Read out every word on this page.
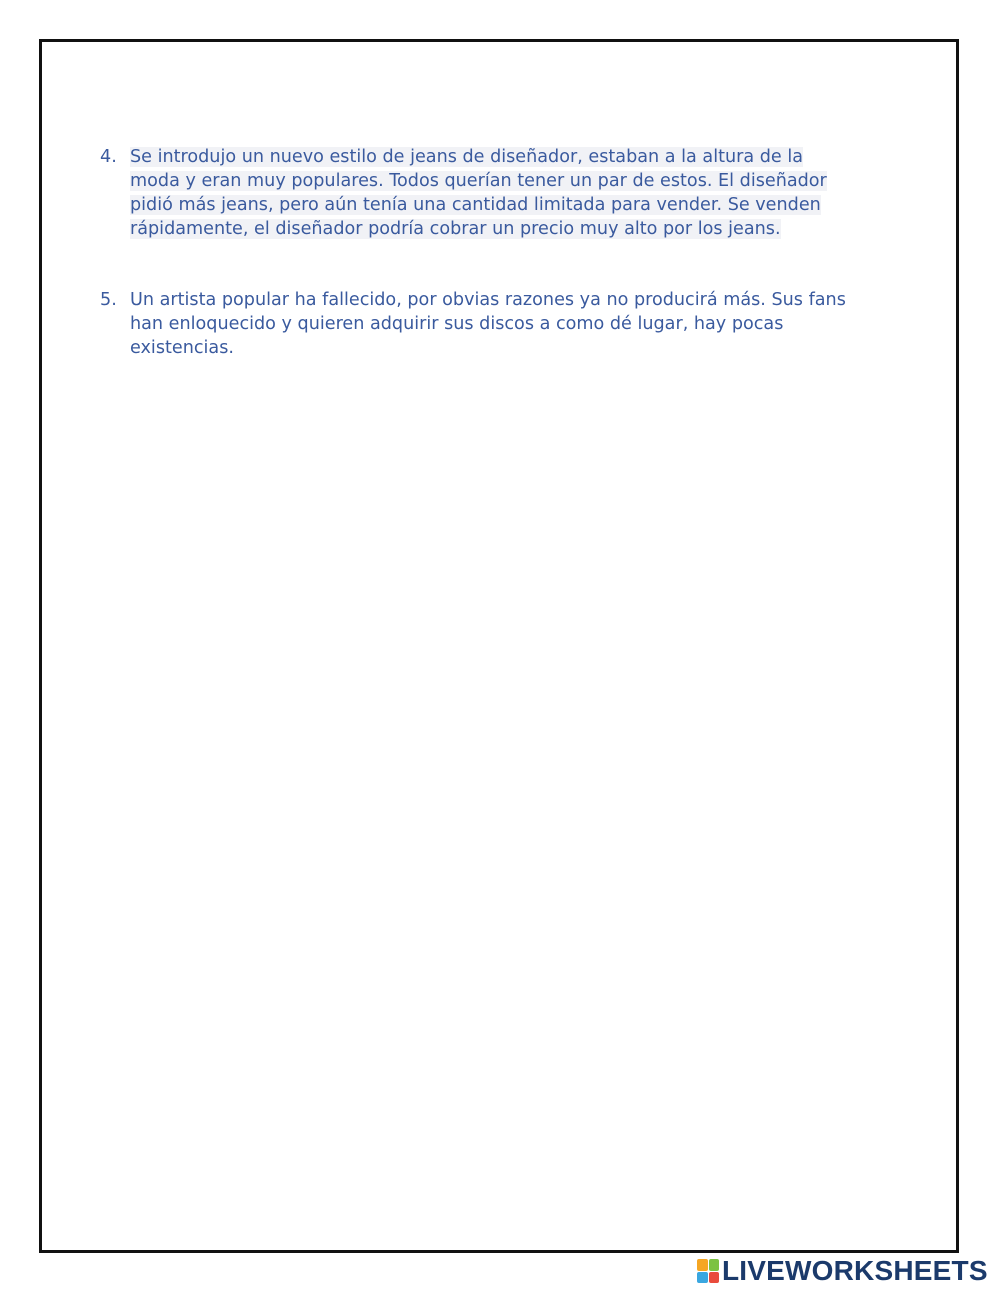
4. Se introdujo un nuevo estilo de jeans de diseñador, estaban a la altura de la
moda y eran muy populares. Todos querían tener un par de estos. El diseñador
pidió más jeans, pero aún tenía una cantidad limitada para vender. Se venden
rápidamente, el diseñador podría cobrar un precio muy alto por los jeans.
5. Un artista popular ha fallecido, por obvias razones ya no producirá más. Sus fans
han enloquecido y quieren adquirir sus discos a como dé lugar, hay pocas
existencias.
LIVEWORKSHEETS
